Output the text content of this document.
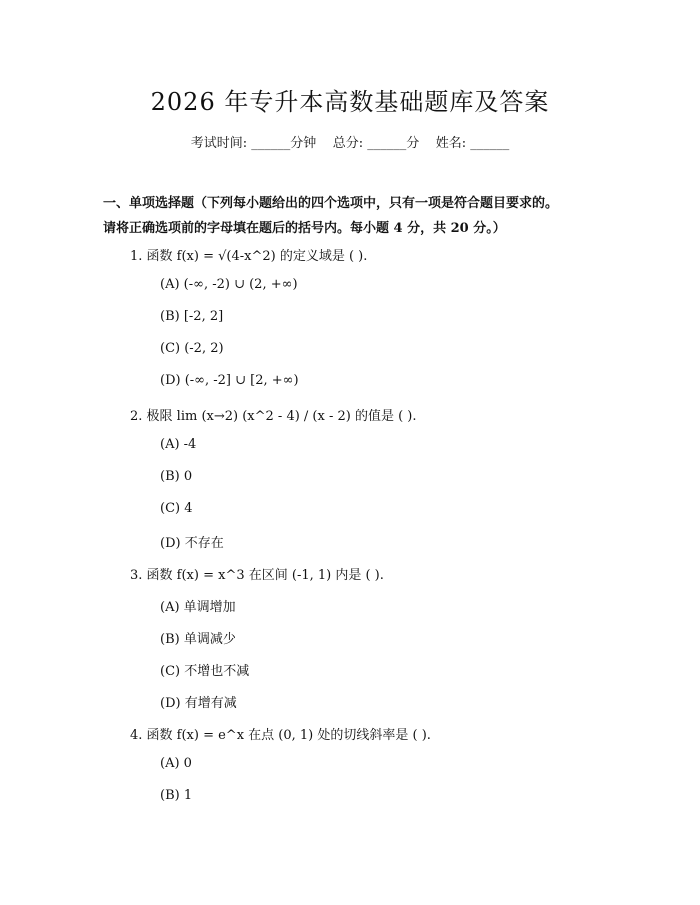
2026 年专升本高数基础题库及答案
考试时间: ______分钟    总分: ______分    姓名: ______
一、单项选择题（下列每小题给出的四个选项中，只有一项是符合题目要求的。
请将正确选项前的字母填在题后的括号内。每小题 4 分，共 20 分。）
1. 函数 f(x) = √(4-x^2) 的定义域是 ( ).
(A) (-∞, -2) ∪ (2, +∞)
(B) [-2, 2]
(C) (-2, 2)
(D) (-∞, -2] ∪ [2, +∞)
2. 极限 lim (x→2) (x^2 - 4) / (x - 2) 的值是 ( ).
(A) -4
(B) 0
(C) 4
(D) 不存在
3. 函数 f(x) = x^3 在区间 (-1, 1) 内是 ( ).
(A) 单调增加
(B) 单调减少
(C) 不增也不减
(D) 有增有减
4. 函数 f(x) = e^x 在点 (0, 1) 处的切线斜率是 ( ).
(A) 0
(B) 1
